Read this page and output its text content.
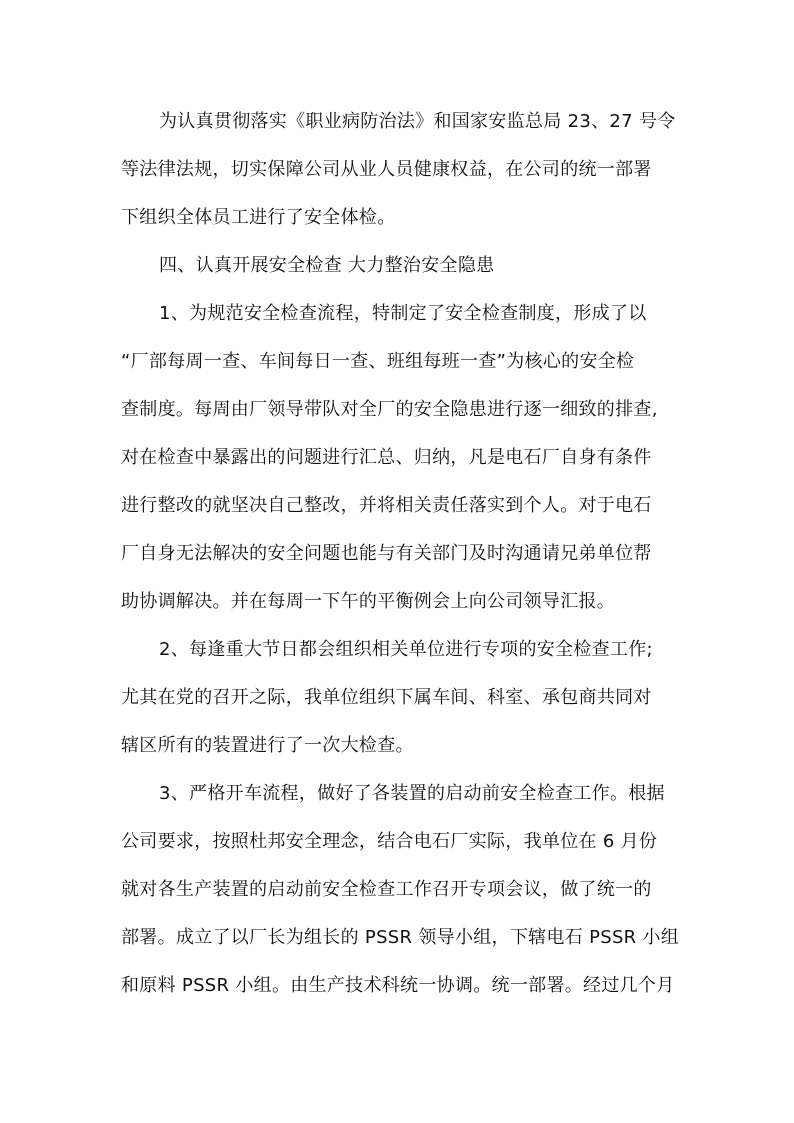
为认真贯彻落实《职业病防治法》和国家安监总局 23、27 号令
等法律法规，切实保障公司从业人员健康权益，在公司的统一部署
下组织全体员工进行了安全体检。
四、认真开展安全检查 大力整治安全隐患
1、为规范安全检查流程，特制定了安全检查制度，形成了以
“厂部每周一查、车间每日一查、班组每班一查”为核心的安全检
查制度。每周由厂领导带队对全厂的安全隐患进行逐一细致的排查,
对在检查中暴露出的问题进行汇总、归纳，凡是电石厂自身有条件
进行整改的就坚决自己整改，并将相关责任落实到个人。对于电石
厂自身无法解决的安全问题也能与有关部门及时沟通请兄弟单位帮
助协调解决。并在每周一下午的平衡例会上向公司领导汇报。
2、每逢重大节日都会组织相关单位进行专项的安全检查工作;
尤其在党的召开之际，我单位组织下属车间、科室、承包商共同对
辖区所有的装置进行了一次大检查。
3、严格开车流程，做好了各装置的启动前安全检查工作。根据
公司要求，按照杜邦安全理念，结合电石厂实际，我单位在 6 月份
就对各生产装置的启动前安全检查工作召开专项会议，做了统一的
部署。成立了以厂长为组长的 PSSR 领导小组，下辖电石 PSSR 小组
和原料 PSSR 小组。由生产技术科统一协调。统一部署。经过几个月
